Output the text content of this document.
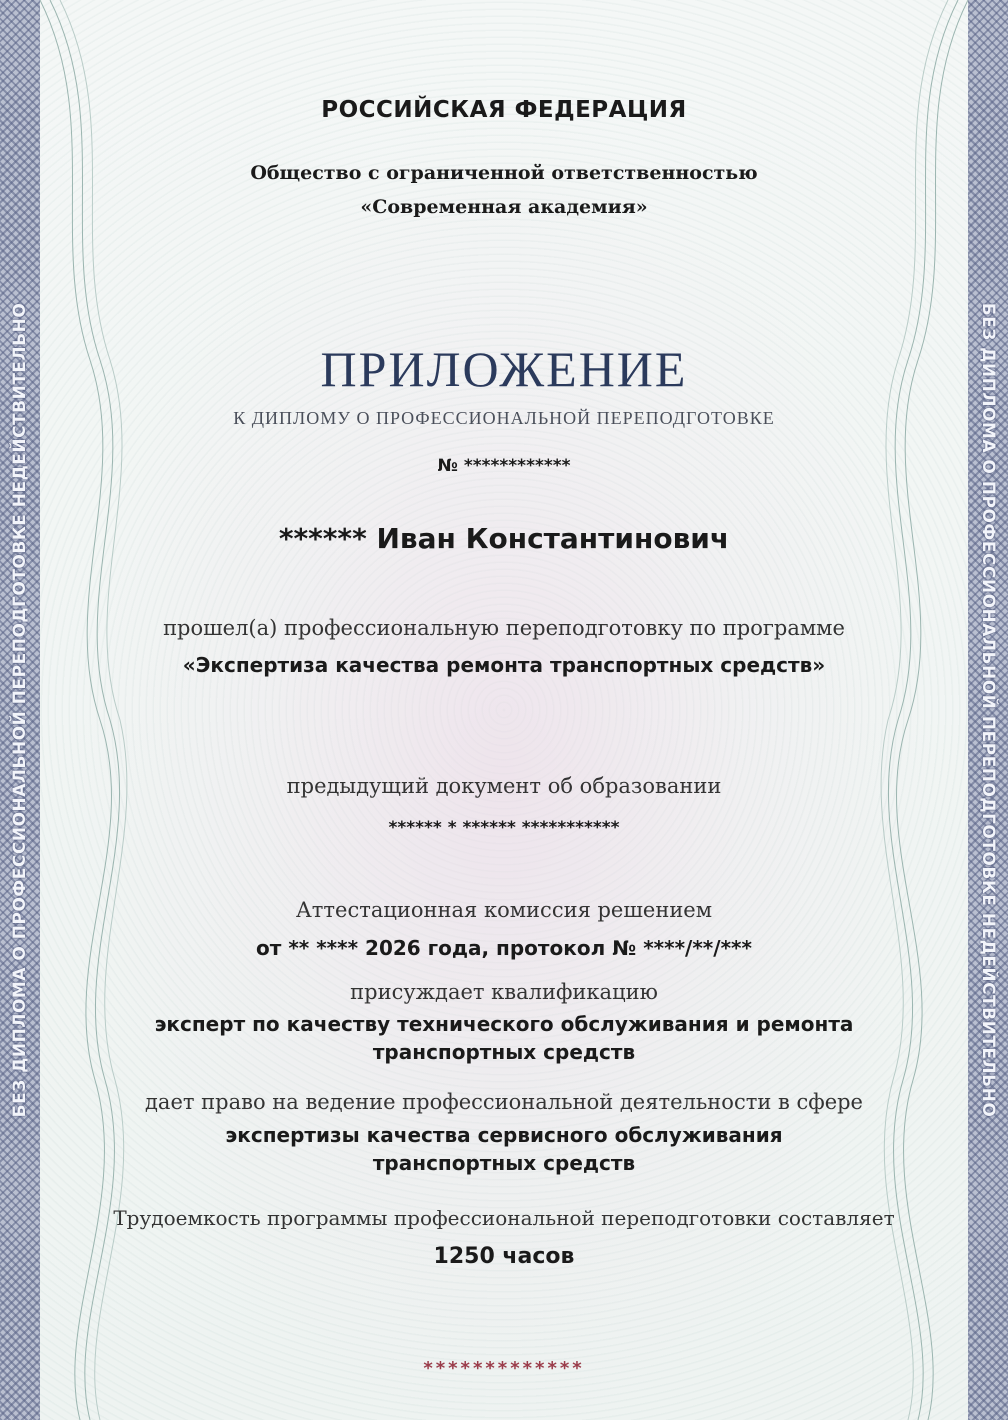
БЕЗ ДИПЛОМА О ПРОФЕССИОНАЛЬНОЙ ПЕРЕПОДГОТОВКЕ НЕДЕЙСТВИТЕЛЬНО	БЕЗ ДИПЛОМА О ПРОФЕССИОНАЛЬНОЙ ПЕРЕПОДГОТОВКЕ НЕДЕЙСТВИТЕЛЬНО
РОССИЙСКАЯ ФЕДЕРАЦИЯ
Общество с ограниченной ответственностью
«Современная академия»
ПРИЛОЖЕНИЕ
К ДИПЛОМУ О ПРОФЕССИОНАЛЬНОЙ ПЕРЕПОДГОТОВКЕ
№ ************
****** Иван Константинович
прошел(а) профессиональную переподготовку по программе
«Экспертиза качества ремонта транспортных средств»
предыдущий документ об образовании
****** * ****** ***********
Аттестационная комиссия решением
от ** **** 2026 года, протокол № ****/**/***
присуждает квалификацию
эксперт по качеству технического обслуживания и ремонта
транспортных средств
дает право на ведение профессиональной деятельности в сфере
экспертизы качества сервисного обслуживания
транспортных средств
Трудоемкость программы профессиональной переподготовки составляет
1250 часов
*************
